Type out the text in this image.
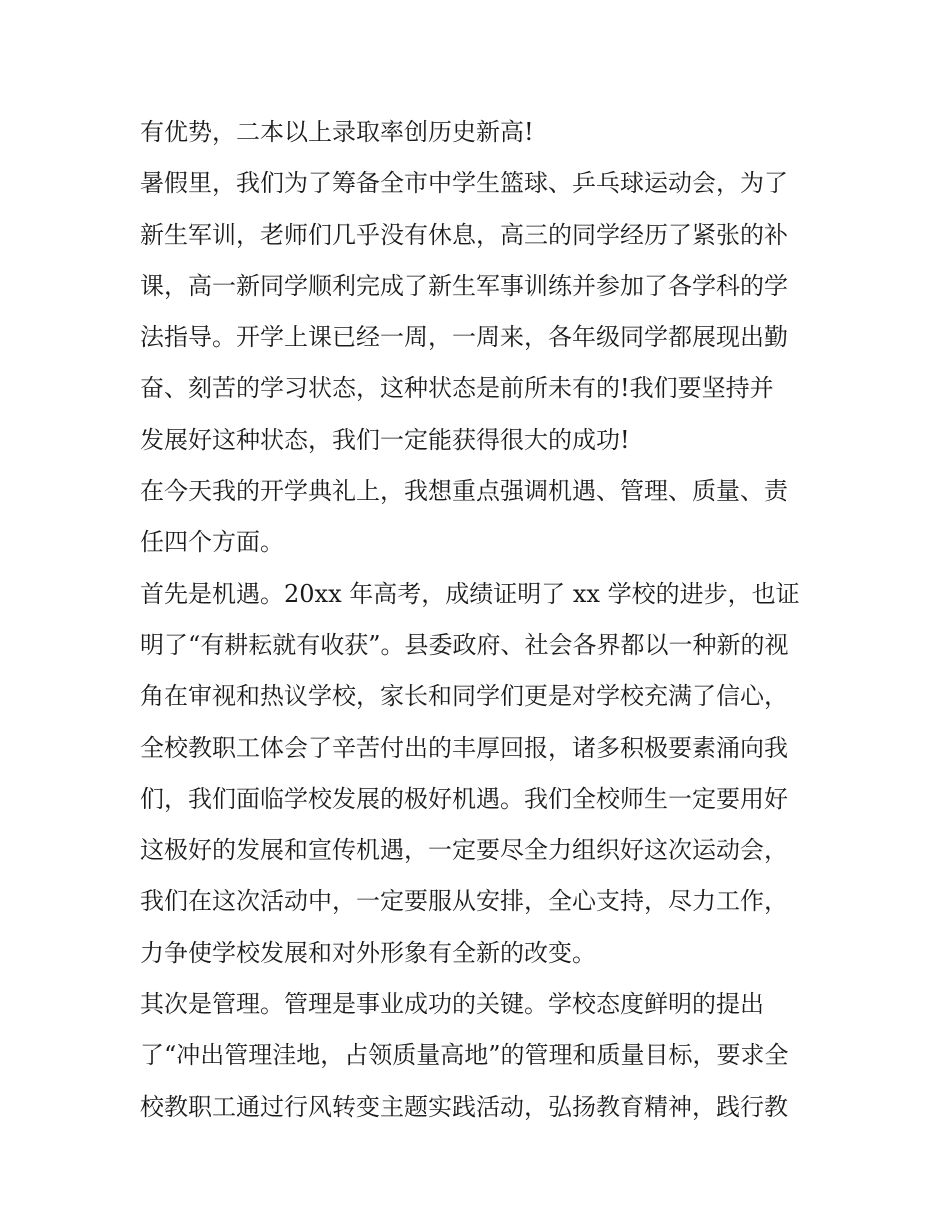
有优势，二本以上录取率创历史新高!
暑假里，我们为了筹备全市中学生篮球、乒乓球运动会，为了
新生军训，老师们几乎没有休息，高三的同学经历了紧张的补
课，高一新同学顺利完成了新生军事训练并参加了各学科的学
法指导。开学上课已经一周，一周来，各年级同学都展现出勤
奋、刻苦的学习状态，这种状态是前所未有的!我们要坚持并
发展好这种状态，我们一定能获得很大的成功!
在今天我的开学典礼上，我想重点强调机遇、管理、质量、责
任四个方面。
首先是机遇。20xx 年高考，成绩证明了 xx 学校的进步，也证
明了“有耕耘就有收获”。县委政府、社会各界都以一种新的视
角在审视和热议学校，家长和同学们更是对学校充满了信心，
全校教职工体会了辛苦付出的丰厚回报，诸多积极要素涌向我
们，我们面临学校发展的极好机遇。我们全校师生一定要用好
这极好的发展和宣传机遇，一定要尽全力组织好这次运动会，
我们在这次活动中，一定要服从安排，全心支持，尽力工作，
力争使学校发展和对外形象有全新的改变。
其次是管理。管理是事业成功的关键。学校态度鲜明的提出
了“冲出管理洼地，占领质量高地”的管理和质量目标，要求全
校教职工通过行风转变主题实践活动，弘扬教育精神，践行教
